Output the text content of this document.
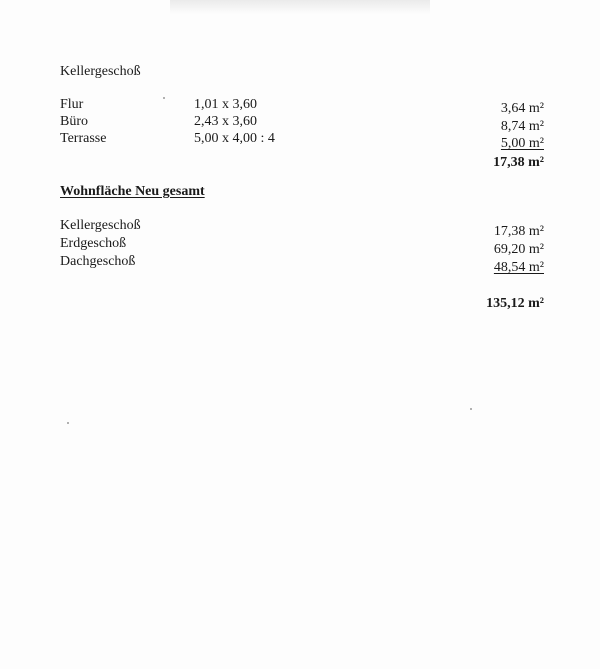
Kellergeschoß
Flur	1,01 x 3,60	3,64 m²
Büro	2,43 x 3,60	8,74 m²
Terrasse	5,00 x 4,00 : 4	5,00 m²
17,38 m²
Wohnfläche Neu gesamt
Kellergeschoß	17,38 m²
Erdgeschoß	69,20 m²
Dachgeschoß	48,54 m²
135,12 m²
